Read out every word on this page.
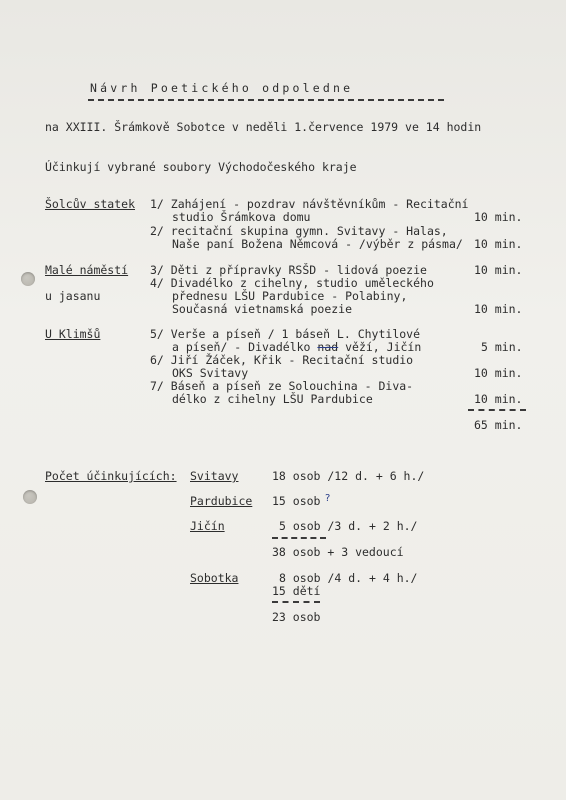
Návrh Poetického odpoledne
na XXIII. Šrámkově Sobotce v neděli 1.července 1979 ve 14 hodin
Účinkují vybrané soubory Východočeského kraje
Šolcův statek 1/ Zahájení - pozdrav návštěvníkům - Recitační
studio Šrámkova domu	10 min.
2/ recitační skupina gymn. Svitavy - Halas,
Naše paní Božena Němcová - /výběr z pásma/ 10 min.
Malé náměstí 3/ Děti z přípravky RSŠD - lidová poezie	10 min.
4/ Divadélko z cihelny, studio uměleckého
u jasanu	přednesu LŠU Pardubice - Polabiny,
Současná vietnamská poezie	10 min.
U Klimšů	5/ Verše a píseň / 1 báseň L. Chytilové
a píseň/ - Divadélko nad věží, Jičín	5 min.
6/ Jiří Žáček, Křik - Recitační studio
OKS Svitavy	10 min.
7/ Báseň a píseň ze Solouchina - Diva-
délko z cihelny LŠU Pardubice	10 min.
65 min.
Počet účinkujících: Svitavy	18 osob /12 d. + 6 h./
Pardubice 15 osob ?
Jičín	5 osob /3 d. + 2 h./
38 osob + 3 vedoucí
Sobotka	8 osob /4 d. + 4 h./
15 dětí
23 osob
